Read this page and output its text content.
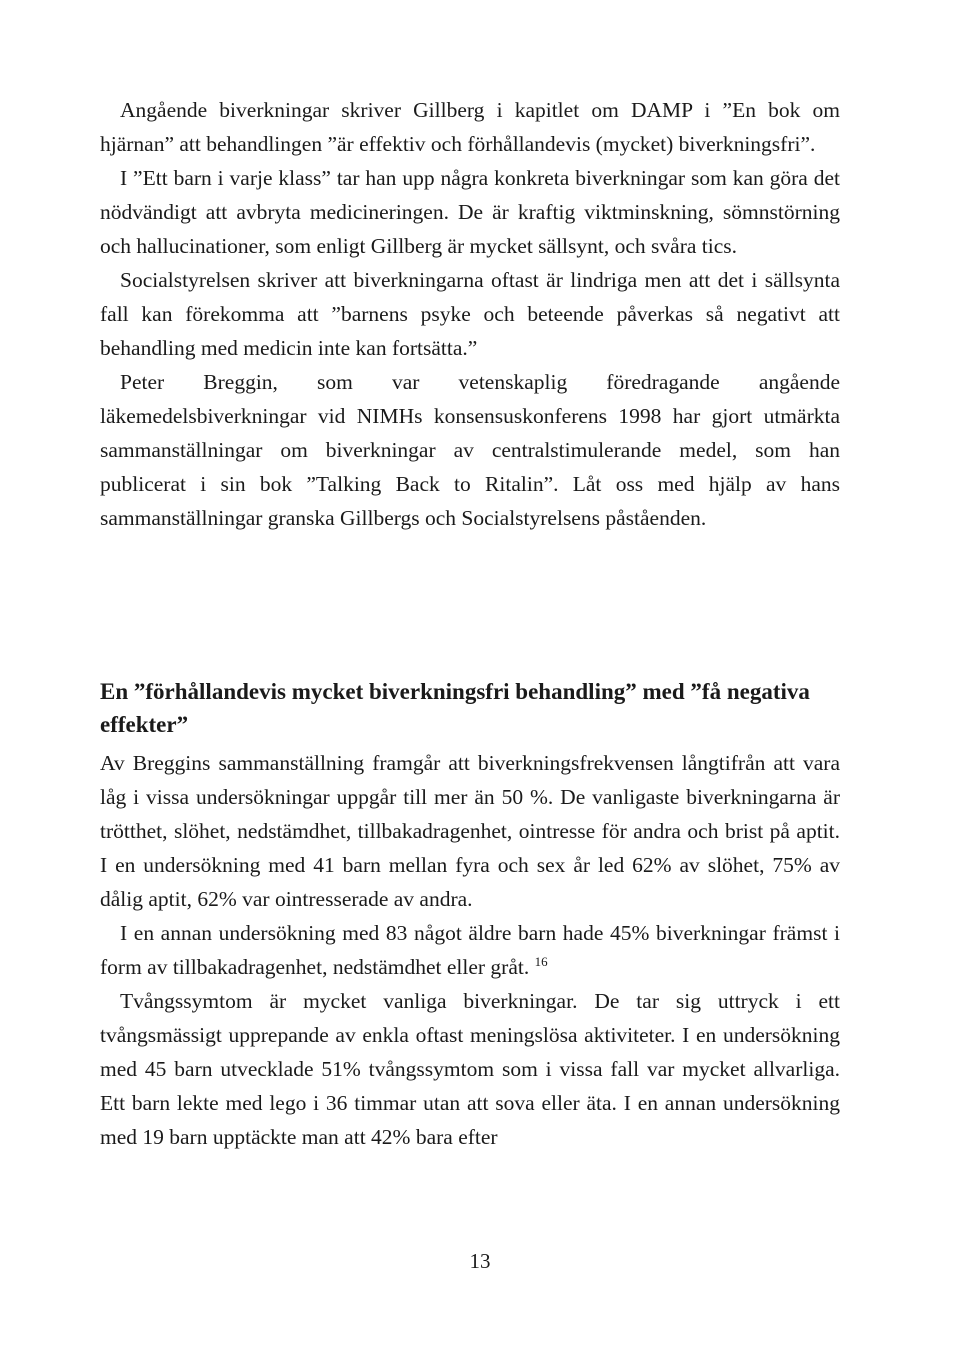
Angående biverkningar skriver Gillberg i kapitlet om DAMP i ”En bok om hjärnan” att behandlingen ”är effektiv och förhållandevis (mycket) biverkningsfri”.

I ”Ett barn i varje klass” tar han upp några konkreta biverkningar som kan göra det nödvändigt att avbryta medicineringen. De är kraftig viktminskning, sömnstörning och hallucinationer, som enligt Gillberg är mycket sällsynt, och svåra tics.

Socialstyrelsen skriver att biverkningarna oftast är lindriga men att det i sällsynta fall kan förekomma att ”barnens psyke och beteende påverkas så negativt att behandling med medicin inte kan fortsätta.”

Peter Breggin, som var vetenskaplig föredragande angående läkemedelsbiverkningar vid NIMHs konsensuskonferens 1998 har gjort utmärkta sammanställningar om biverkningar av centralstimulerande medel, som han publicerat i sin bok ”Talking Back to Ritalin”. Låt oss med hjälp av hans sammanställningar granska Gillbergs och Socialstyrelsens påståenden.

En ”förhållandevis mycket biverkningsfri behandling” med ”få negativa effekter”

Av Breggins sammanställning framgår att biverkningsfrekvensen långtifrån att vara låg i vissa undersökningar uppgår till mer än 50 %. De vanligaste biverkningarna är trötthet, slöhet, nedstämdhet, tillbakadragenhet, ointresse för andra och brist på aptit. I en undersökning med 41 barn mellan fyra och sex år led 62% av slöhet, 75% av dålig aptit, 62% var ointresserade av andra.

I en annan undersökning med 83 något äldre barn hade 45% biverkningar främst i form av tillbakadragenhet, nedstämdhet eller gråt. $^{16}$

Tvångssymtom är mycket vanliga biverkningar. De tar sig uttryck i ett tvångsmässigt upprepande av enkla oftast meningslösa aktiviteter. I en undersökning med 45 barn utvecklade 51% tvångssymtom som i vissa fall var mycket allvarliga. Ett barn lekte med lego i 36 timmar utan att sova eller äta. I en annan undersökning med 19 barn upptäckte man att 42% bara efter

13
